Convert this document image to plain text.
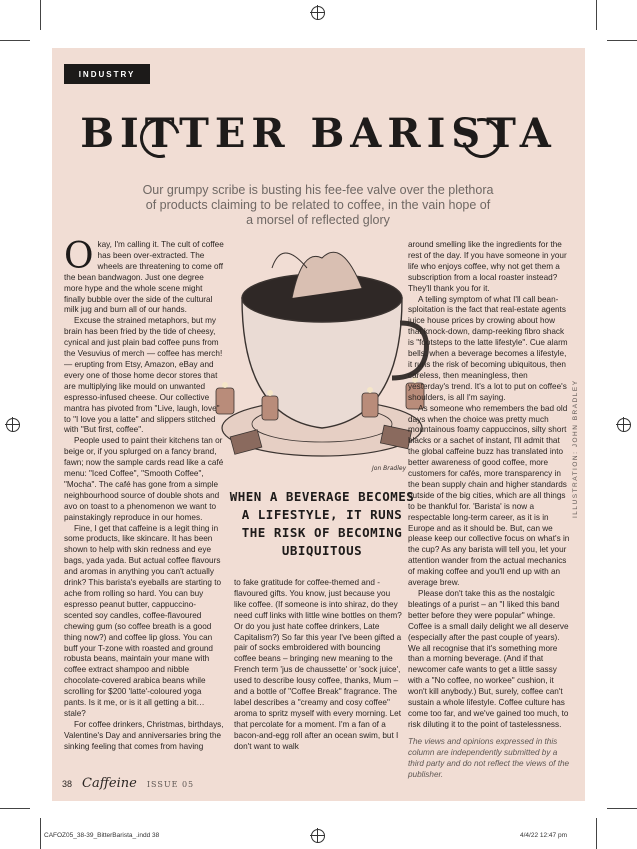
INDUSTRY
BITTER BARISTA
Our grumpy scribe is busting his fee-fee valve over the plethora of products claiming to be related to coffee, in the vain hope of a morsel of reflected glory
Jon Bradley

Okay, I'm calling it. The cult of coffee has been over-extracted. The wheels are threatening to come off the bean bandwagon. Just one degree more hype and the whole scene might finally bubble over the side of the cultural milk jug and burn all of our hands.

Excuse the strained metaphors, but my brain has been fried by the tide of cheesy, cynical and just plain bad coffee puns from the Vesuvius of merch — coffee has merch! — erupting from Etsy, Amazon, eBay and every one of those home decor stores that are multiplying like mould on unwanted espresso-infused cheese. Our collective mantra has pivoted from "Live, laugh, love" to "I love you a latte" and slippers stitched with "But first, coffee".

People used to paint their kitchens tan or beige or, if you splurged on a fancy brand, fawn; now the sample cards read like a café menu: "Iced Coffee", "Smooth Coffee", "Mocha". The café has gone from a simple neighbourhood source of double shots and avo on toast to a phenomenon we want to painstakingly reproduce in our homes.

Fine, I get that caffeine is a legit thing in some products, like skincare. It has been shown to help with skin redness and eye bags, yada yada. But actual coffee flavours and aromas in anything you can't actually drink? This barista's eyeballs are starting to ache from rolling so hard. You can buy espresso peanut butter, cappuccino-scented soy candles, coffee-flavoured chewing gum (so coffee breath is a good thing now?) and coffee lip gloss. You can buff your T-zone with roasted and ground robusta beans, maintain your mane with coffee extract shampoo and nibble chocolate-covered arabica beans while scrolling for $200 'latte'-coloured yoga pants. Is it me, or is it all getting a bit… stale?

For coffee drinkers, Christmas, birthdays, Valentine's Day and anniversaries bring the sinking feeling that comes from having

WHEN A BEVERAGE BECOMES A LIFESTYLE, IT RUNS THE RISK OF BECOMING UBIQUITOUS

to fake gratitude for coffee-themed and -flavoured gifts. You know, just because you like coffee. (If someone is into shiraz, do they need cuff links with little wine bottles on them? Or do you just hate coffee drinkers, Late Capitalism?) So far this year I've been gifted a pair of socks embroidered with bouncing coffee beans – bringing new meaning to the French term 'jus de chaussette' or 'sock juice', used to describe lousy coffee, thanks, Mum – and a bottle of "Coffee Break" fragrance. The label describes a "creamy and cosy coffee" aroma to spritz myself with every morning. Let that percolate for a moment. I'm a fan of a bacon-and-egg roll after an ocean swim, but I don't want to walk

around smelling like the ingredients for the rest of the day. If you have someone in your life who enjoys coffee, why not get them a subscription from a local roaster instead? They'll thank you for it.

A telling symptom of what I'll call bean-sploitation is the fact that real-estate agents juice house prices by crowing about how that knock-down, damp-reeking fibro shack is "footsteps to the latte lifestyle". Cue alarm bells: when a beverage becomes a lifestyle, it runs the risk of becoming ubiquitous, then careless, then meaningless, then yesterday's trend. It's a lot to put on coffee's shoulders, is all I'm saying.

As someone who remembers the bad old days when the choice was pretty much mountainous foamy cappuccinos, silty short blacks or a sachet of instant, I'll admit that the global caffeine buzz has translated into better awareness of good coffee, more customers for cafés, more transparency in the bean supply chain and higher standards outside of the big cities, which are all things to be thankful for. 'Barista' is now a respectable long-term career, as it is in Europe and as it should be. But, can we please keep our collective focus on what's in the cup? As any barista will tell you, let your attention wander from the actual mechanics of making coffee and you'll end up with an average brew.

Please don't take this as the nostalgic bleatings of a purist – an "I liked this band better before they were popular" whinge. Coffee is a small daily delight we all deserve (especially after the past couple of years). We all recognise that it's something more than a morning beverage. (And if that newcomer cafe wants to get a little sassy with a "No coffee, no workee" cushion, it won't kill anybody.) But, surely, coffee can't sustain a whole lifestyle. Coffee culture has come too far, and we've gained too much, to risk diluting it to the point of tastelessness.

The views and opinions expressed in this column are independently submitted by a third party and do not reflect the views of the publisher.

ILLUSTRATION: JOHN BRADLEY
38 Caffeine ISSUE 05
CAFOZ05_38-39_BitterBarista_.indd 38	4/4/22 12:47 pm
